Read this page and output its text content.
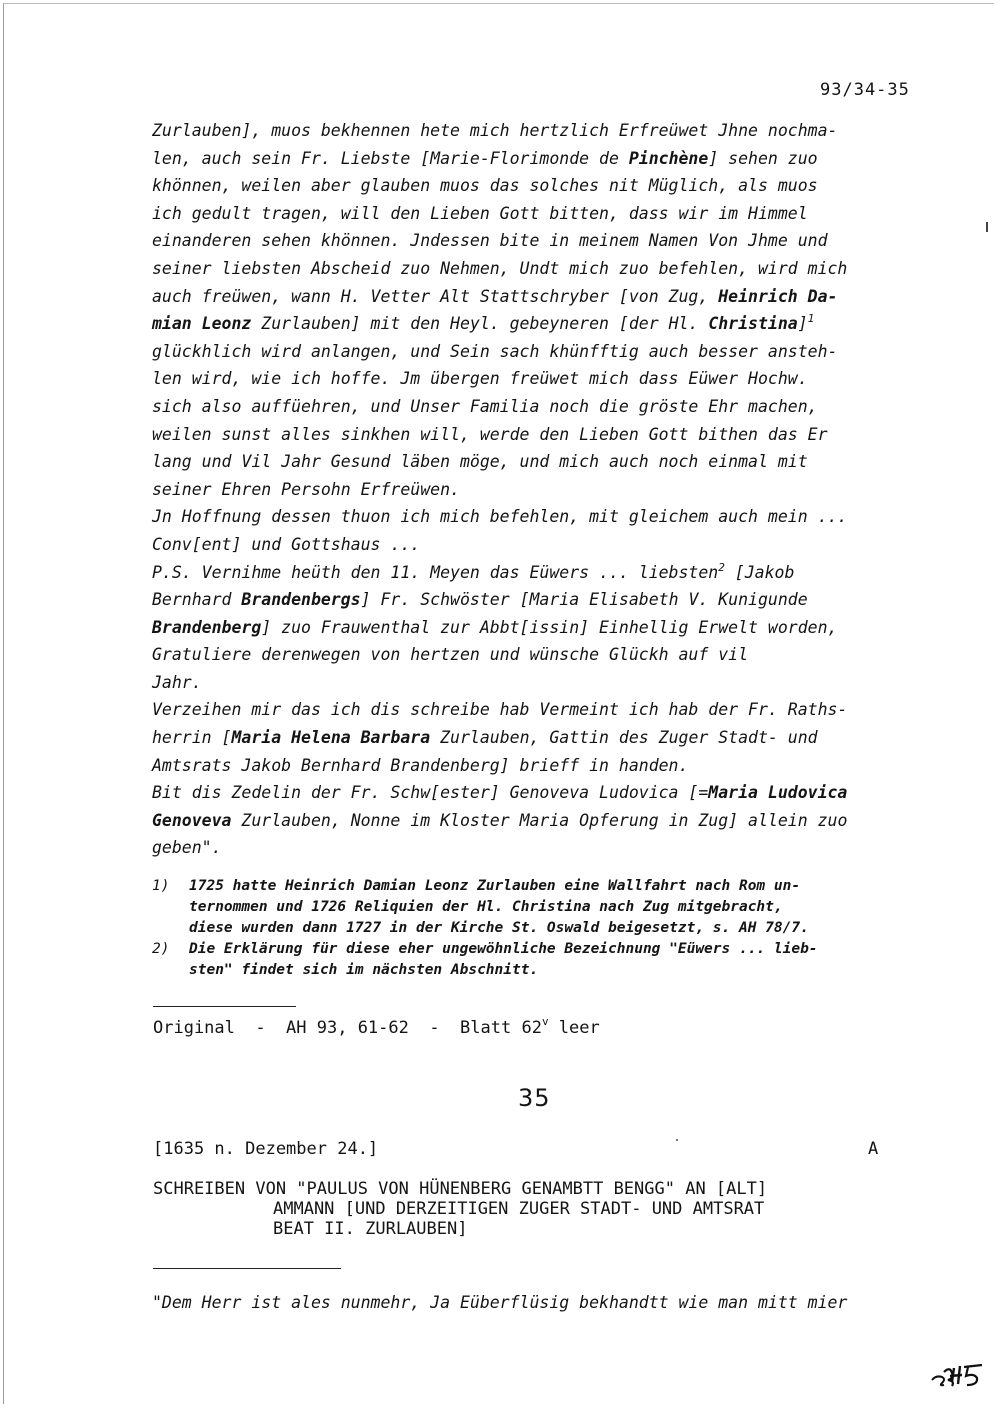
93/34-35
Zurlauben], muos bekhennen hete mich hertzlich Erfreüwet Jhne nochma-
len, auch sein Fr. Liebste [Marie-Florimonde de Pinchène] sehen zuo
khönnen, weilen aber glauben muos das solches nit Müglich, als muos
ich gedult tragen, will den Lieben Gott bitten, dass wir im Himmel
einanderen sehen khönnen. Jndessen bite in meinem Namen Von Jhme und
seiner liebsten Abscheid zuo Nehmen, Undt mich zuo befehlen, wird mich
auch freüwen, wann H. Vetter Alt Stattschryber [von Zug, Heinrich Da-
mian Leonz Zurlauben] mit den Heyl. gebeyneren [der Hl. Christina]$^1$
glückhlich wird anlangen, und Sein sach khünfftig auch besser ansteh-
len wird, wie ich hoffe. Jm übergen freüwet mich dass Eüwer Hochw.
sich also auffüehren, und Unser Familia noch die gröste Ehr machen,
weilen sunst alles sinkhen will, werde den Lieben Gott bithen das Er
lang und Vil Jahr Gesund läben möge, und mich auch noch einmal mit
seiner Ehren Persohn Erfreüwen.
Jn Hoffnung dessen thuon ich mich befehlen, mit gleichem auch mein ...
Conv[ent] und Gottshaus ...
P.S. Vernihme heüth den 11. Meyen das Eüwers ... liebsten$^2$ [Jakob
Bernhard Brandenbergs] Fr. Schwöster [Maria Elisabeth V. Kunigunde
Brandenberg] zuo Frauwenthal zur Abbt[issin] Einhellig Erwelt worden,
Gratuliere derenwegen von hertzen und wünsche Glückh auf vil
Jahr.
Verzeihen mir das ich dis schreibe hab Vermeint ich hab der Fr. Raths-
herrin [Maria Helena Barbara Zurlauben, Gattin des Zuger Stadt- und
Amtsrats Jakob Bernhard Brandenberg] brieff in handen.
Bit dis Zedelin der Fr. Schw[ester] Genoveva Ludovica [=Maria Ludovica
Genoveva Zurlauben, Nonne im Kloster Maria Opferung in Zug] allein zuo
geben".
1)	1725 hatte Heinrich Damian Leonz Zurlauben eine Wallfahrt nach Rom un-
ternommen und 1726 Reliquien der Hl. Christina nach Zug mitgebracht,
diese wurden dann 1727 in der Kirche St. Oswald beigesetzt, s. AH 78/7.
2)	Die Erklärung für diese eher ungewöhnliche Bezeichnung "Eüwers ... lieb-
sten" findet sich im nächsten Abschnitt.
Original  -  AH 93, 61-62  -  Blatt 62$^v$ leer
35
[1635 n. Dezember 24.]	A
SCHREIBEN VON "PAULUS VON HÜNENBERG GENAMBTT BENGG" AN [ALT]
AMMANN [UND DERZEITIGEN ZUGER STADT- UND AMTSRAT
BEAT II. ZURLAUBEN]
"Dem Herr ist ales nunmehr, Ja Eüberflüsig bekhandtt wie man mitt mier
